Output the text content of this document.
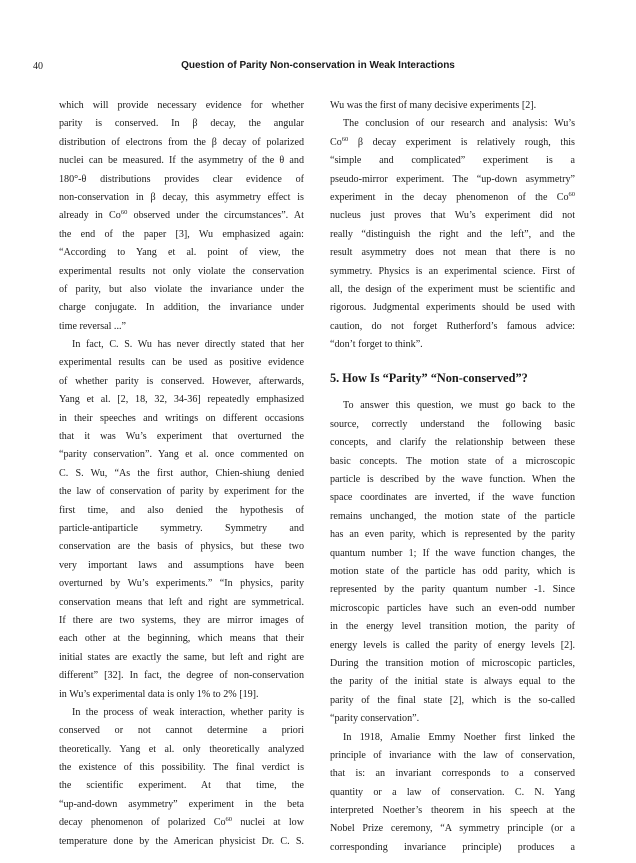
40	Question of Parity Non-conservation in Weak Interactions
which will provide necessary evidence for whether
parity is conserved. In β decay, the angular
distribution of electrons from the β decay of polarized
nuclei can be measured. If the asymmetry of the θ and
180°-θ distributions provides clear evidence of
non-conservation in β decay, this asymmetry effect is
already in Co$^{60}$ observed under the circumstances”. At
the end of the paper [3], Wu emphasized again:
“According to Yang et al. point of view, the
experimental results not only violate the conservation
of parity, but also violate the invariance under the
charge conjugate. In addition, the invariance under
time reversal ...”
In fact, C. S. Wu has never directly stated that her
experimental results can be used as positive evidence
of whether parity is conserved. However, afterwards,
Yang et al. [2, 18, 32, 34-36] repeatedly emphasized
in their speeches and writings on different occasions
that it was Wu’s experiment that overturned the
“parity conservation”. Yang et al. once commented on
C. S. Wu, “As the first author, Chien-shiung denied
the law of conservation of parity by experiment for the
first time, and also denied the hypothesis of
particle-antiparticle symmetry. Symmetry and
conservation are the basis of physics, but these two
very important laws and assumptions have been
overturned by Wu’s experiments.” “In physics, parity
conservation means that left and right are symmetrical.
If there are two systems, they are mirror images of
each other at the beginning, which means that their
initial states are exactly the same, but left and right are
different” [32]. In fact, the degree of non-conservation
in Wu’s experimental data is only 1% to 2% [19].
In the process of weak interaction, whether parity is
conserved or not cannot determine a priori
theoretically. Yang et al. only theoretically analyzed
the existence of this possibility. The final verdict is
the scientific experiment. At that time, the
“up-and-down asymmetry” experiment in the beta
decay phenomenon of polarized Co$^{60}$ nuclei at low
temperature done by the American physicist Dr. C. S.
Wu was the first of many decisive experiments [2].
The conclusion of our research and analysis: Wu’s
Co$^{60}$ β decay experiment is relatively rough, this
“simple and complicated” experiment is a
pseudo-mirror experiment. The “up-down asymmetry”
experiment in the decay phenomenon of the Co$^{60}$
nucleus just proves that Wu’s experiment did not
really “distinguish the right and the left”, and the
result asymmetry does not mean that there is no
symmetry. Physics is an experimental science. First of
all, the design of the experiment must be scientific and
rigorous. Judgmental experiments should be used with
caution, do not forget Rutherford’s famous advice:
“don’t forget to think”.
5. How Is “Parity” “Non-conserved”?
To answer this question, we must go back to the
source, correctly understand the following basic
concepts, and clarify the relationship between these
basic concepts. The motion state of a microscopic
particle is described by the wave function. When the
space coordinates are inverted, if the wave function
remains unchanged, the motion state of the particle
has an even parity, which is represented by the parity
quantum number 1; If the wave function changes, the
motion state of the particle has odd parity, which is
represented by the parity quantum number -1. Since
microscopic particles have such an even-odd number
in the energy level transition motion, the parity of
energy levels is called the parity of energy levels [2].
During the transition motion of microscopic particles,
the parity of the initial state is always equal to the
parity of the final state [2], which is the so-called
“parity conservation”.
In 1918, Amalie Emmy Noether first linked the
principle of invariance with the law of conservation,
that is: an invariant corresponds to a conserved
quantity or a law of conservation. C. N. Yang
interpreted Noether’s theorem in his speech at the
Nobel Prize ceremony, “A symmetry principle (or a
corresponding invariance principle) produces a
